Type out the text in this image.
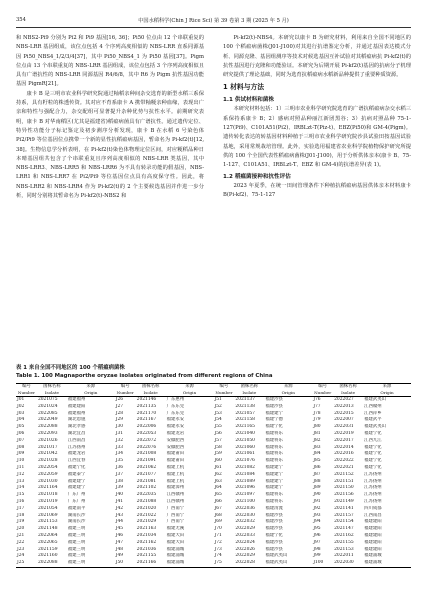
354	中国水稻科学(Chin J Rice Sci) 第 39 卷第 3 期 (2025 年 5 月)

和 NBS2-Pi9 分别为 Pi2 和 Pi9 基因[16, 36]；Pi50 位点由 12 个串联重复的 NBS-LRR 基因组成，该位点包括 4 个序列高度相似的 NBS-LRR 直系同源基因 Pi50_NBS4_1/2/3/4[37]，其中 Pi50_NBS4_1 为 Pi50 基因[37]。Pigm 位点由 13 个串联重复的 NBS-LRR 基因组成，该位点包括 3 个序列高度相似且具有广谱抗性的 NBS-LRR 同源基因 R4/6/8，其中 R6 为 Pigm 抗性基因功能基因 PigmR[21]。

康卡 B 是三明市农业科学研究院通过籼稻亲种间杂交选育的新型水稻三系保持系，具有籽粒的株透传资。其对应不育系康卡 A 携带籼粳亲种血缘，表现出广亲和特性与强配合力，杂交配组可显著提升杂种优势与抗性水平。前期研究表明，康卡 B 对华南稻区(尤其是福建省)稻瘟病菌具有广谱抗性。通过遗传定位、特异性功能分子标记鉴定及初步测序分析发现，康卡 B 在水稻 6 号染色体 Pi2/Pi9 等位基因位点携带一个新的显性抗稻瘟病基因，暂命名为 Pi-kf2(t)[12, 38]。生物信息学分析表明，在 Pi-kf2(t)染色体物理定位区间，对应粳稻品种日本晴基因组共包含了个串联重复且序列高度相似的 NBS-LRR 类基因，其中 NBS-LRR3、NBS-LRR5 和 NBS-LRR6 为不具有转录功能的假基因，NBS-LRR1 和 NBS-LRR7 在 Pi2/Pi9 等位基因位点具有高度保守性。因此，将 NBS-LRR2 和 NBS-LRR4 作为 Pi-kf2(t)的 2 个主要候选基因并作进一步分析，同时分别将其暂命名为 Pi-kf2(t)-NBS2 和

Pi-kf2(t)-NBS4。本研究以康卡 B 为研究材料，利用来自全国不同地区的 100 个稻瘟病菌株(J01-J100)对其进行抗谱鉴定分析，并通过基因表达模式分析、同源克隆、基因组测序等技术对候选基因互补试验对其稻瘟病抗 Pi-kf2(t)的抗性基因进行克隆和功能验证。本研究为后期开展 Pi-kf2(t)基因的抗病分子机理研究提供了理论基础，同时为选育抗稻瘟病水稻新品种提供了重要种质资源。

1 材料与方法
1.1 供试材料和菌株

本研究材料包括：1）三明市农业科学研究院选育的广谱抗稻瘟病杂交水稻三系保持系康卡 B；2）感病对照品种丽江新团黑谷；3）抗病对照品种 75-1-127(Pi9)、C101A51(Pi2)、IRBLzt-T(Piz-t)、EBZ(Pi50)和 GM-4(Pigm)。遗传转化表达的转基因材料种植于三明市农业科学研究院沙县试验田按基因试验基地，采用常规栽培管理。此外，实验选用福建省农业科学院植物保护研究所提供的 100 个全国代表性稻瘟病菌株(J01-J100)，用于分析供体亲本(康卡 B、75-1-127、C101A51、IRBLzt-T、EBZ 和 GM-4)的抗谱差异(表 1)。

1.2 稻瘟菌接种和抗性评估

2023 年夏季，在统一田间管理条件下种植抗稻瘟病基因供体亲本材料康卡 B(Pi-kf2)、75-1-127

表 1 来自全国不同地区的 100 个稻瘟病菌株
Table 1. 100 Magnaporthe oryzae isolates originated from different regions of China
编号	菌株名称	来源	编号	菌株名称	来源	编号	菌株名称	来源	编号	菌株名称	来源
Number	Isolate	Origin	Number	Isolate	Origin	Number	Isolate	Origin	Number	Isolate	Origin
J01	2021075	福建福州	J26	2021146	广东惠州	J51	2021137	福建沙县	J76	2022027	福建武夷山
J02	2021024	福建建阳	J27	2021135	广东东莞	J52	2021138	福建沙县	J77	2022013	江西赣州
J03	2022085	福建福州	J28	2021170	广东东莞	J53	2021057	福建建宁	J78	2022015	江西萍乡
J04	2022049	湖北恩施	J29	2021167	福建永安	J54	2021158	福建宁德	J79	2022007	福建武平
J05	2022088	湖北孝感	J30	2022006	福建永安	J55	2021165	福建宁化	J80	2022031	福建武夷山
J06	2022093	湖北宜昌	J31	2022053	福建龙岩	J56	2021040	福建将乐	J81	2022019	福建宁化
J07	2021026	江西南昌	J32	2022072	安徽肥西	J57	2021050	福建将乐	J82	2022017	江西九江
J08	2021017	江苏扬州	J33	2022076	安徽肥西	J58	2021060	福建将乐	J83	2022014	福建宁化
J09	2021042	福建龙岩	J34	2021008	福建莆田	J59	2021061	福建将乐	J84	2022016	福建宁化
J10	2021028	江西宜春	J35	2021091	福建莆田	J60	2021076	福建将乐	J85	2022022	福建宁化
J11	2022054	福建宁化	J36	2021062	福建上杭	J61	2021082	福建建宁	J86	2022021	福建宁化
J12	2022059	福建泰宁	J37	2021077	福建上杭	J62	2021084	福建建宁	J87	2021152	江苏扬州
J13	2021030	福建建宁	J38	2021081	福建上杭	J63	2021089	福建建宁	J88	2021151	江苏扬州
J14	2021164	福建建宁	J39	2021102	福建漳州	J64	2021096	福建建宁	J89	2021150	江苏扬州
J15	2021018	广东广州	J40	2022035	江西赣州	J65	2021097	福建将乐	J90	2021156	江苏扬州
J16	2021019	广东广州	J41	2021088	江西赣州	J66	2021100	福建将乐	J91	2021149	江苏扬州
J17	2021054	福建南平	J42	2021020	广西南宁	J67	2022036	福建清流	J92	2021141	四川成都
J18	2021069	湖南长沙	J43	2021022	广西南宁	J68	2022030	福建沙县	J93	2021157	江西南昌
J19	2021153	湖南长沙	J44	2021029	广西南宁	J69	2022032	福建沙县	J94	2021154	福建建阳
J20	2021148	福建三明	J45	2021163	福建尤溪	J70	2022029	福建沙县	J95	2021147	福建建阳
J21	2022064	福建三明	J46	2021034	福建大田	J71	2022033	福建宁化	J96	2021162	福建建阳
J22	2022065	福建三明	J47	2021162	福建大田	J72	2022024	福建沙县	J97	2021155	福建建阳
J23	2021159	福建三明	J48	2021036	福建浦城	J73	2022026	福建沙县	J98	2021153	福建建阳
J24	2021160	福建三明	J49	2021155	福建浦城	J74	2022029	福建武夷山	J99	2022011	福建浦城
J25	2022088	福建三明	J50	2021166	福建浦城	J75	2022028	福建武夷山	J100	2022030	福建浦城
